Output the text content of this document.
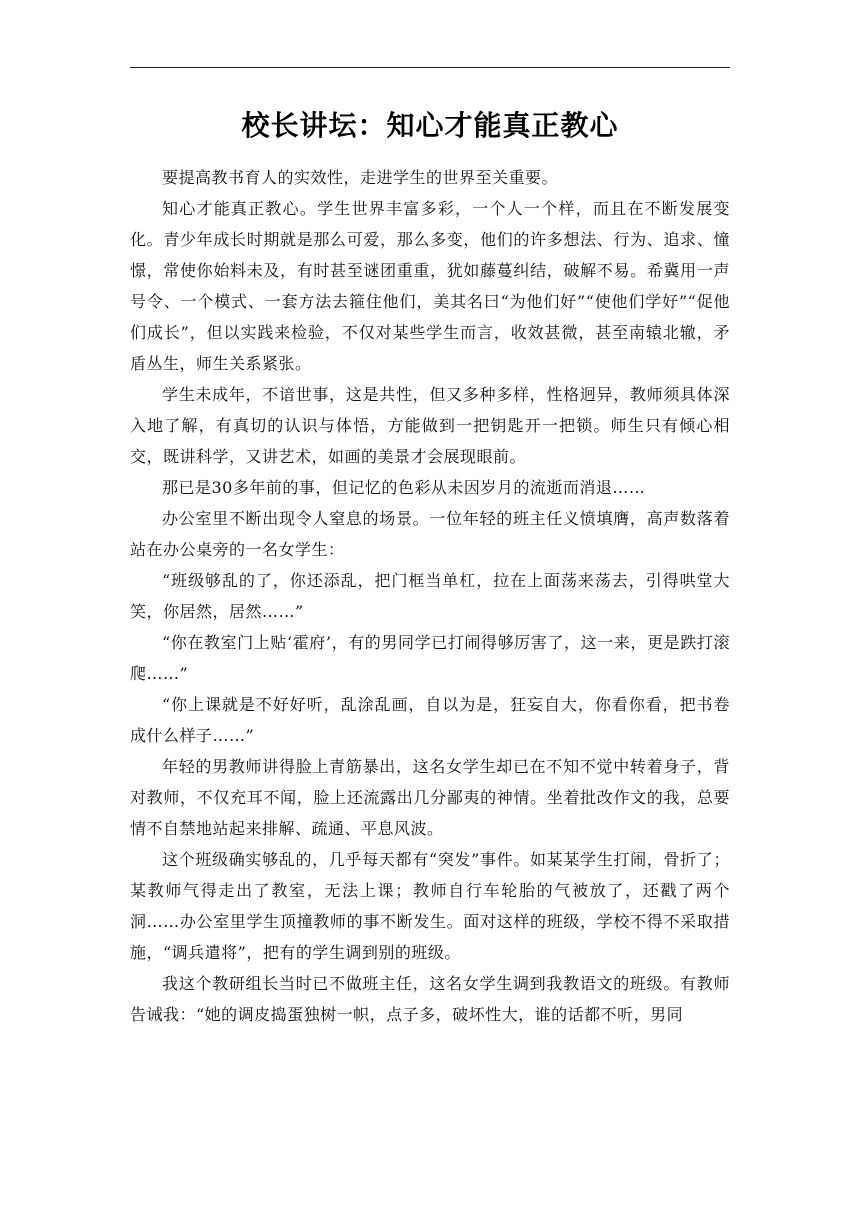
校长讲坛：知心才能真正教心

要提高教书育人的实效性，走进学生的世界至关重要。

知心才能真正教心。学生世界丰富多彩，一个人一个样，而且在不断发展变化。青少年成长时期就是那么可爱，那么多变，他们的许多想法、行为、追求、憧憬，常使你始料未及，有时甚至谜团重重，犹如藤蔓纠结，破解不易。希冀用一声号令、一个模式、一套方法去箍住他们，美其名曰“为他们好”“使他们学好”“促他们成长”，但以实践来检验，不仅对某些学生而言，收效甚微，甚至南辕北辙，矛盾丛生，师生关系紧张。

学生未成年，不谙世事，这是共性，但又多种多样，性格迥异，教师须具体深入地了解，有真切的认识与体悟，方能做到一把钥匙开一把锁。师生只有倾心相交，既讲科学，又讲艺术，如画的美景才会展现眼前。

那已是30多年前的事，但记忆的色彩从未因岁月的流逝而消退……

办公室里不断出现令人窒息的场景。一位年轻的班主任义愤填膺，高声数落着站在办公桌旁的一名女学生：

“班级够乱的了，你还添乱，把门框当单杠，拉在上面荡来荡去，引得哄堂大笑，你居然，居然……”

“你在教室门上贴‘霍府’，有的男同学已打闹得够厉害了，这一来，更是跌打滚爬……”

“你上课就是不好好听，乱涂乱画，自以为是，狂妄自大，你看你看，把书卷成什么样子……”

年轻的男教师讲得脸上青筋暴出，这名女学生却已在不知不觉中转着身子，背对教师，不仅充耳不闻，脸上还流露出几分鄙夷的神情。坐着批改作文的我，总要情不自禁地站起来排解、疏通、平息风波。

这个班级确实够乱的，几乎每天都有“突发”事件。如某某学生打闹，骨折了；某教师气得走出了教室，无法上课；教师自行车轮胎的气被放了，还戳了两个洞……办公室里学生顶撞教师的事不断发生。面对这样的班级，学校不得不采取措施，“调兵遣将”，把有的学生调到别的班级。

我这个教研组长当时已不做班主任，这名女学生调到我教语文的班级。有教师告诫我：“她的调皮捣蛋独树一帜，点子多，破坏性大，谁的话都不听，男同
